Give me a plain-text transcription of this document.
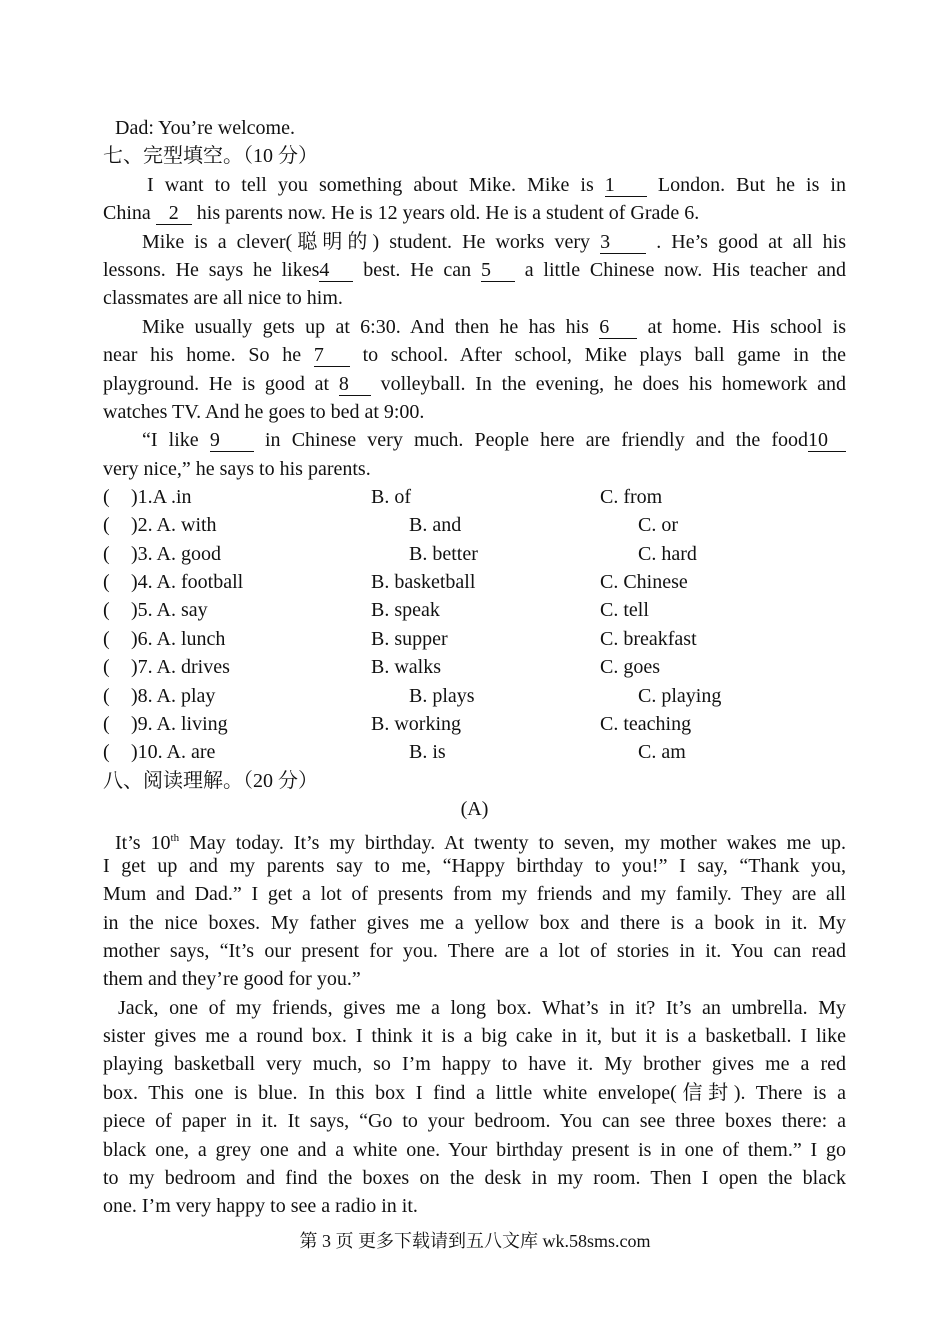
Dad: You’re welcome.
七、完型填空。（10 分）
I want to tell you something about Mike. Mike is 1 London. But he is in
China 2 his parents now. He is 12 years old. He is a student of Grade 6.
Mike is a clever(聪明的) student. He works very 3 . He’s good at all his
lessons. He says he likes4 best. He can 5 a little Chinese now. His teacher and
classmates are all nice to him.
Mike usually gets up at 6:30. And then he has his 6 at home. His school is
near his home. So he 7 to school. After school, Mike plays ball game in the
playground. He is good at 8 volleyball. In the evening, he does his homework and
watches TV. And he goes to bed at 9:00.
“I like 9 in Chinese very much. People here are friendly and the food10
very nice,” he says to his parents.
( )1.A .in	B. of	C. from
( )2. A. with	B. and	C. or
( )3. A. good	B. better	C. hard
( )4. A. football	B. basketball	C. Chinese
( )5. A. say	B. speak	C. tell
( )6. A. lunch	B. supper	C. breakfast
( )7. A. drives	B. walks	C. goes
( )8. A. play	B. plays	C. playing
( )9. A. living	B. working	C. teaching
( )10. A. are	B. is	C. am
八、阅读理解。（20 分）
(A)
It’s 10th May today. It’s my birthday. At twenty to seven, my mother wakes me up.
I get up and my parents say to me, “Happy birthday to you!” I say, “Thank you,
Mum and Dad.” I get a lot of presents from my friends and my family. They are all
in the nice boxes. My father gives me a yellow box and there is a book in it. My
mother says, “It’s our present for you. There are a lot of stories in it. You can read
them and they’re good for you.”
Jack, one of my friends, gives me a long box. What’s in it? It’s an umbrella. My
sister gives me a round box. I think it is a big cake in it, but it is a basketball. I like
playing basketball very much, so I’m happy to have it. My brother gives me a red
box. This one is blue. In this box I find a little white envelope(信封). There is a
piece of paper in it. It says, “Go to your bedroom. You can see three boxes there: a
black one, a grey one and a white one. Your birthday present is in one of them.” I go
to my bedroom and find the boxes on the desk in my room. Then I open the black
one. I’m very happy to see a radio in it.
第 3 页 更多下载请到五八文库 wk.58sms.com
